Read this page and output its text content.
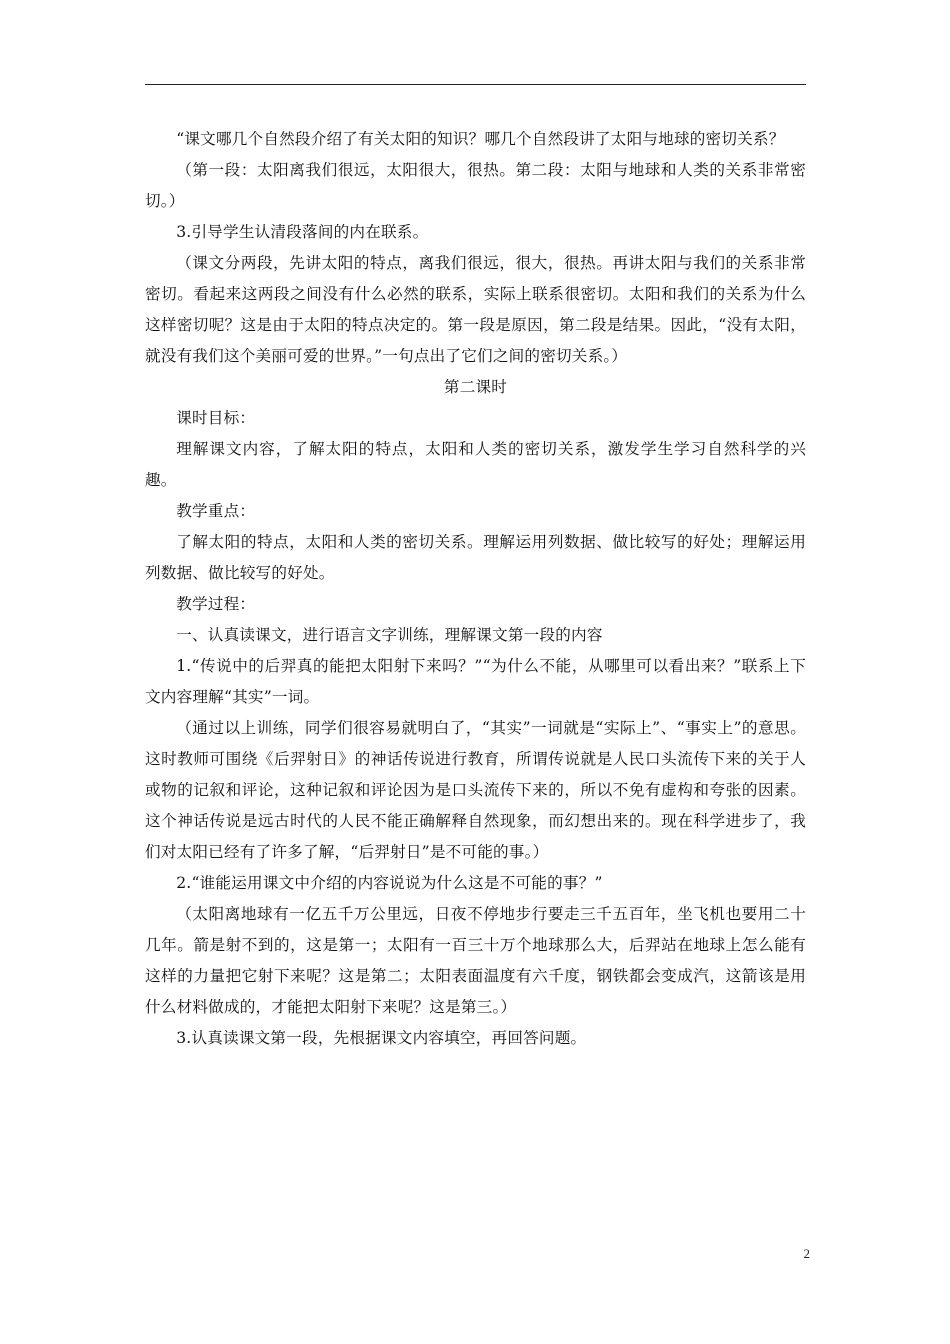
“课文哪几个自然段介绍了有关太阳的知识？哪几个自然段讲了太阳与地球的密切关系？

（第一段：太阳离我们很远，太阳很大，很热。第二段：太阳与地球和人类的关系非常密切。）

3.引导学生认清段落间的内在联系。

（课文分两段，先讲太阳的特点，离我们很远，很大，很热。再讲太阳与我们的关系非常密切。看起来这两段之间没有什么必然的联系，实际上联系很密切。太阳和我们的关系为什么这样密切呢？这是由于太阳的特点决定的。第一段是原因，第二段是结果。因此，“没有太阳，就没有我们这个美丽可爱的世界。”一句点出了它们之间的密切关系。）

第二课时

课时目标：

理解课文内容，了解太阳的特点，太阳和人类的密切关系，激发学生学习自然科学的兴趣。

教学重点：

了解太阳的特点，太阳和人类的密切关系。理解运用列数据、做比较写的好处；理解运用列数据、做比较写的好处。

教学过程：

一、认真读课文，进行语言文字训练，理解课文第一段的内容

1.“传说中的后羿真的能把太阳射下来吗？”“为什么不能，从哪里可以看出来？”联系上下文内容理解“其实”一词。

（通过以上训练，同学们很容易就明白了，“其实”一词就是“实际上”、“事实上”的意思。这时教师可围绕《后羿射日》的神话传说进行教育，所谓传说就是人民口头流传下来的关于人或物的记叙和评论，这种记叙和评论因为是口头流传下来的，所以不免有虚构和夸张的因素。这个神话传说是远古时代的人民不能正确解释自然现象，而幻想出来的。现在科学进步了，我们对太阳已经有了许多了解，“后羿射日”是不可能的事。）

2.“谁能运用课文中介绍的内容说说为什么这是不可能的事？”

（太阳离地球有一亿五千万公里远，日夜不停地步行要走三千五百年，坐飞机也要用二十几年。箭是射不到的，这是第一；太阳有一百三十万个地球那么大，后羿站在地球上怎么能有这样的力量把它射下来呢？这是第二；太阳表面温度有六千度，钢铁都会变成汽，这箭该是用什么材料做成的，才能把太阳射下来呢？这是第三。）

3.认真读课文第一段，先根据课文内容填空，再回答问题。

2
